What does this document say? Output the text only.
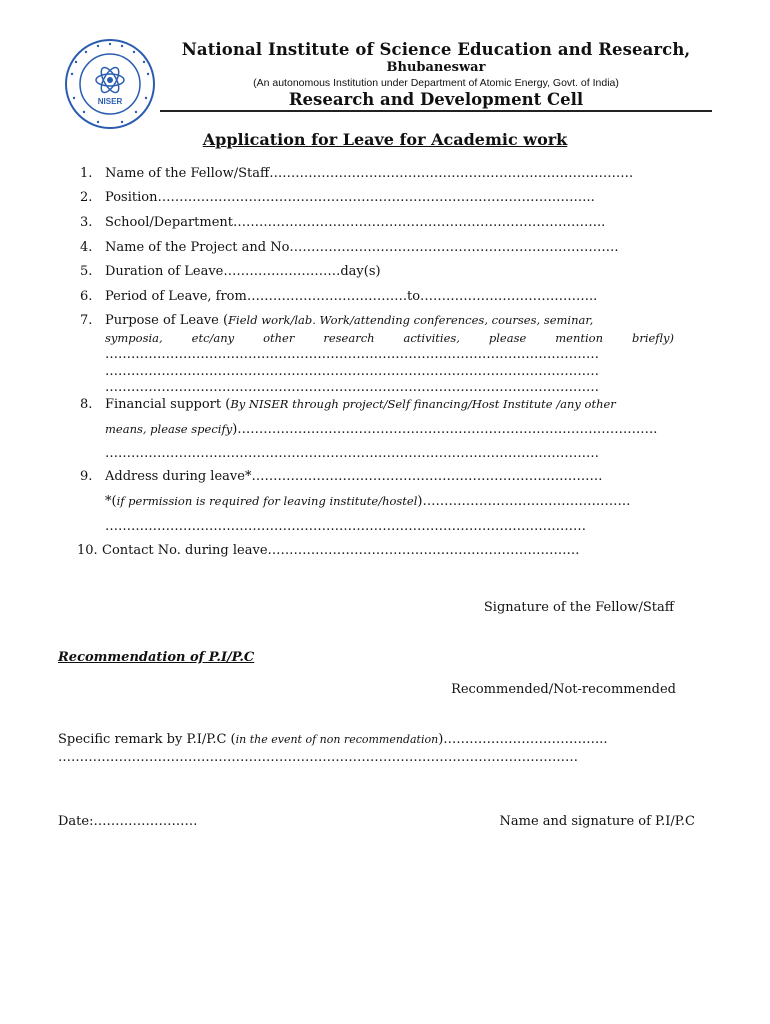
NISER
National Institute of Science Education and Research,
Bhubaneswar
(An autonomous Institution under Department of Atomic Energy, Govt. of India)
Research and Development Cell
Application for Leave for Academic work
1. Name of the Fellow/Staff…………………………………………………………………………
2. Position………………………………………………………………………………………..
3. School/Department…………………………………………………………………………..
4. Name of the Project and No………………………………………………………………….
5. Duration of Leave………………………day(s)
6. Period of Leave, from……………………………….to…………………………………..
7. Purpose of Leave (Field work/lab. Work/attending conferences, courses, seminar,
symposia,	etc/any	other	research	activities,	please	mention	briefly)
……………………………………………………………………………………………………
……………………………………………………………………………………………………
……………………………………………………………………………………………………
8. Financial support (By NISER through project/Self financing/Host Institute /any other
means, please specify)…………………………………………………………………………………….
……………………………………………………………………………………………………
9. Address during leave*………………………………………………………………………
*(if permission is required for leaving institute/hostel)…………………………………………
…………………………………………………………………………………………………
10. Contact No. during leave………………………………………………………………
Signature of the Fellow/Staff
Recommendation of P.I/P.C
Recommended/Not-recommended
Specific remark by P.I/P.C (in the event of non recommendation)………………………………..
…………………………………………………………………………………………………………
Date:……………………	Name and signature of P.I/P.C
